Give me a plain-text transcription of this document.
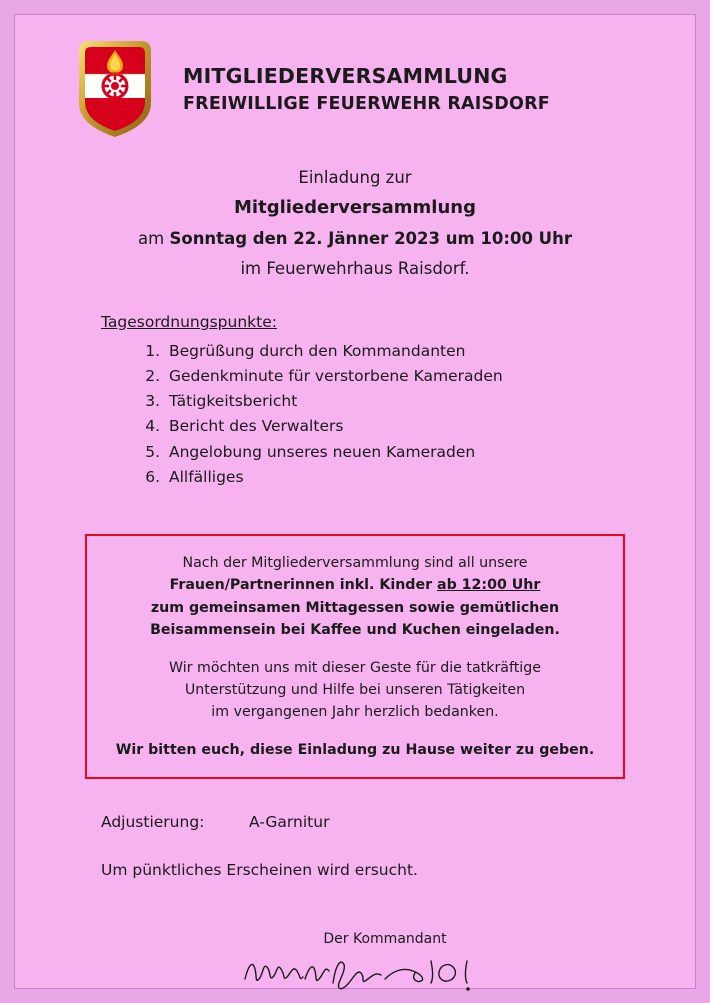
MITGLIEDERVERSAMMLUNG
FREIWILLIGE FEUERWEHR RAISDORF
Einladung zur
Mitgliederversammlung
am Sonntag den 22. Jänner 2023 um 10:00 Uhr
im Feuerwehrhaus Raisdorf.
Tagesordnungspunkte:
1. Begrüßung durch den Kommandanten
2. Gedenkminute für verstorbene Kameraden
3. Tätigkeitsbericht
4. Bericht des Verwalters
5. Angelobung unseres neuen Kameraden
6. Allfälliges

Nach der Mitgliederversammlung sind all unsere
Frauen/Partnerinnen inkl. Kinder ab 12:00 Uhr
zum gemeinsamen Mittagessen sowie gemütlichen
Beisammensein bei Kaffee und Kuchen eingeladen.

Wir möchten uns mit dieser Geste für die tatkräftige
Unterstützung und Hilfe bei unseren Tätigkeiten
im vergangenen Jahr herzlich bedanken.

Wir bitten euch, diese Einladung zu Hause weiter zu geben.

Adjustierung:	A-Garnitur
Um pünktliches Erscheinen wird ersucht.
Der Kommandant
